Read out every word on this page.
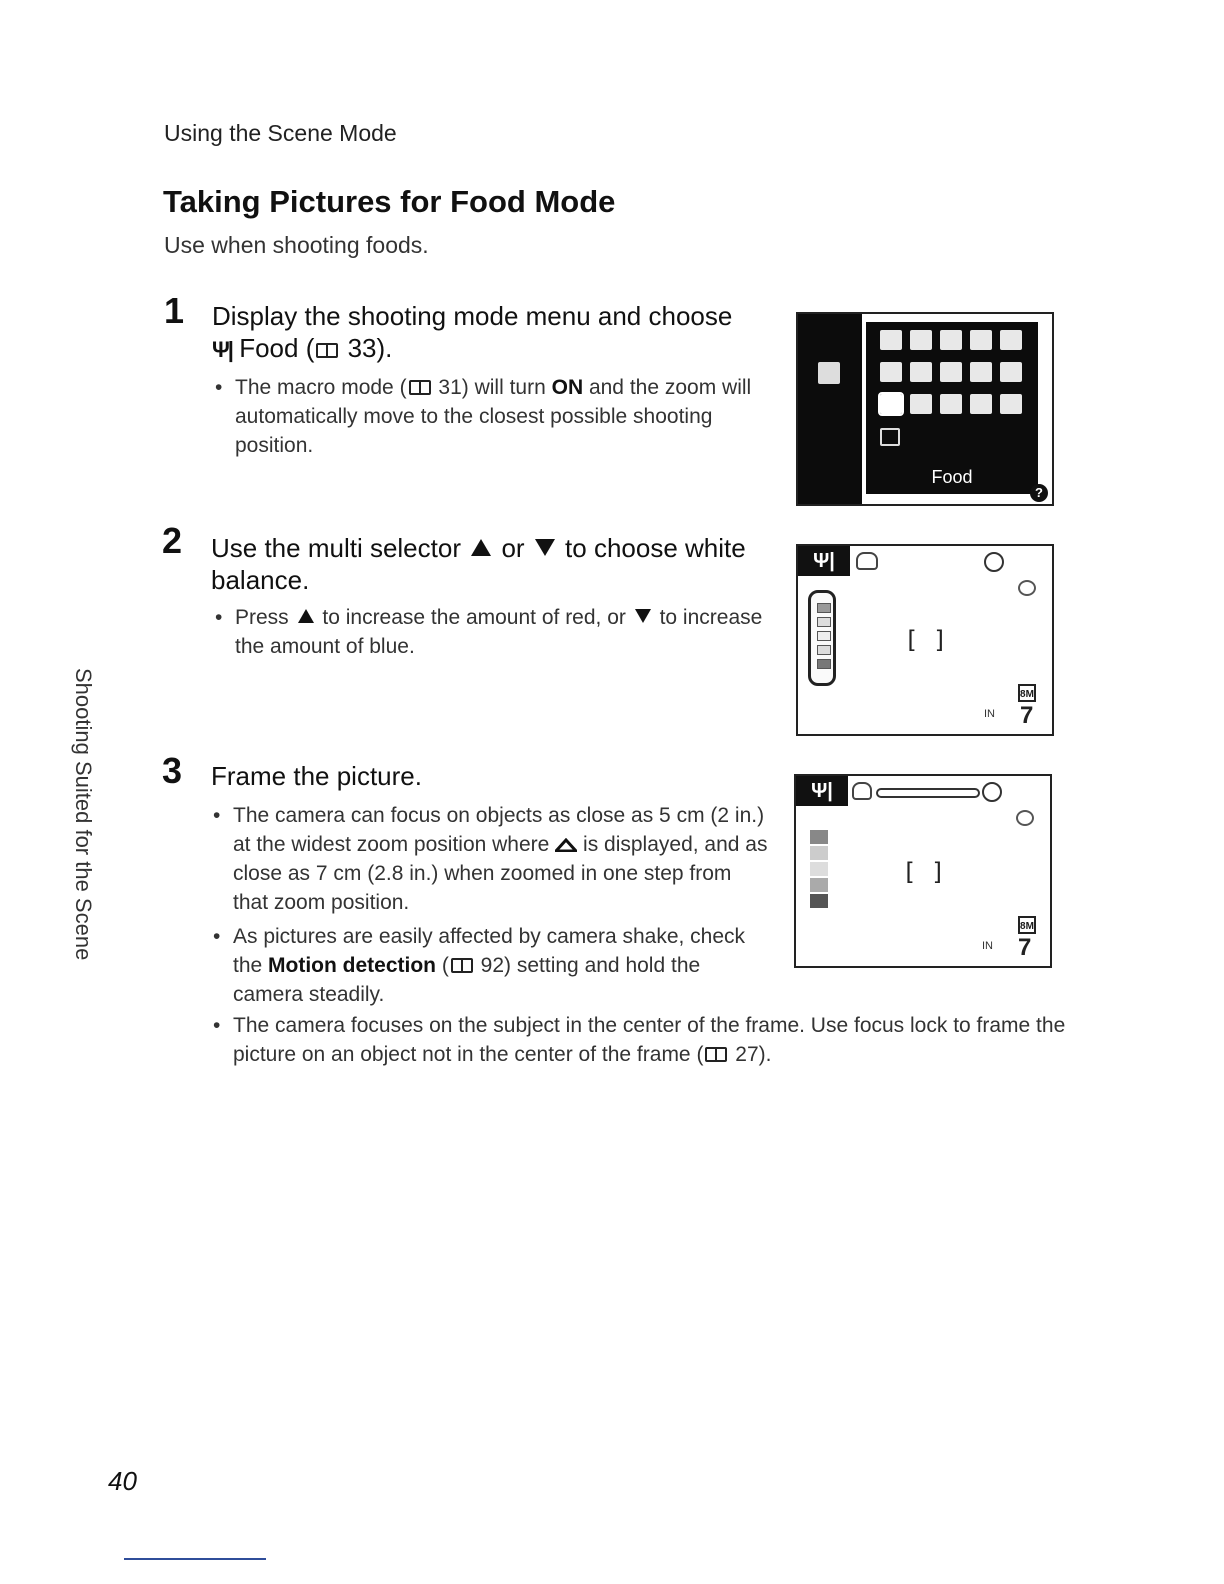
Using the Scene Mode
Taking Pictures for Food Mode
Use when shooting foods.
1 Display the shooting mode menu and choose
Ψ| Food ( 33).
• The macro mode ( 31) will turn ON and the zoom will automatically move to the closest possible shooting position.
Food
?
2 Use the multi selector or to choose white balance.
• Press to increase the amount of red, or to increase the amount of blue.
Ψ|
[ ]
8M
IN 7
3 Frame the picture.
• The camera can focus on objects as close as 5 cm (2 in.) at the widest zoom position where is displayed, and as close as 7 cm (2.8 in.) when zoomed in one step from that zoom position.
• As pictures are easily affected by camera shake, check the Motion detection ( 92) setting and hold the camera steadily.
• The camera focuses on the subject in the center of the frame. Use focus lock to frame the picture on an object not in the center of the frame ( 27).
Ψ|
[ ]
8M
IN 7
Shooting Suited for the Scene
40
